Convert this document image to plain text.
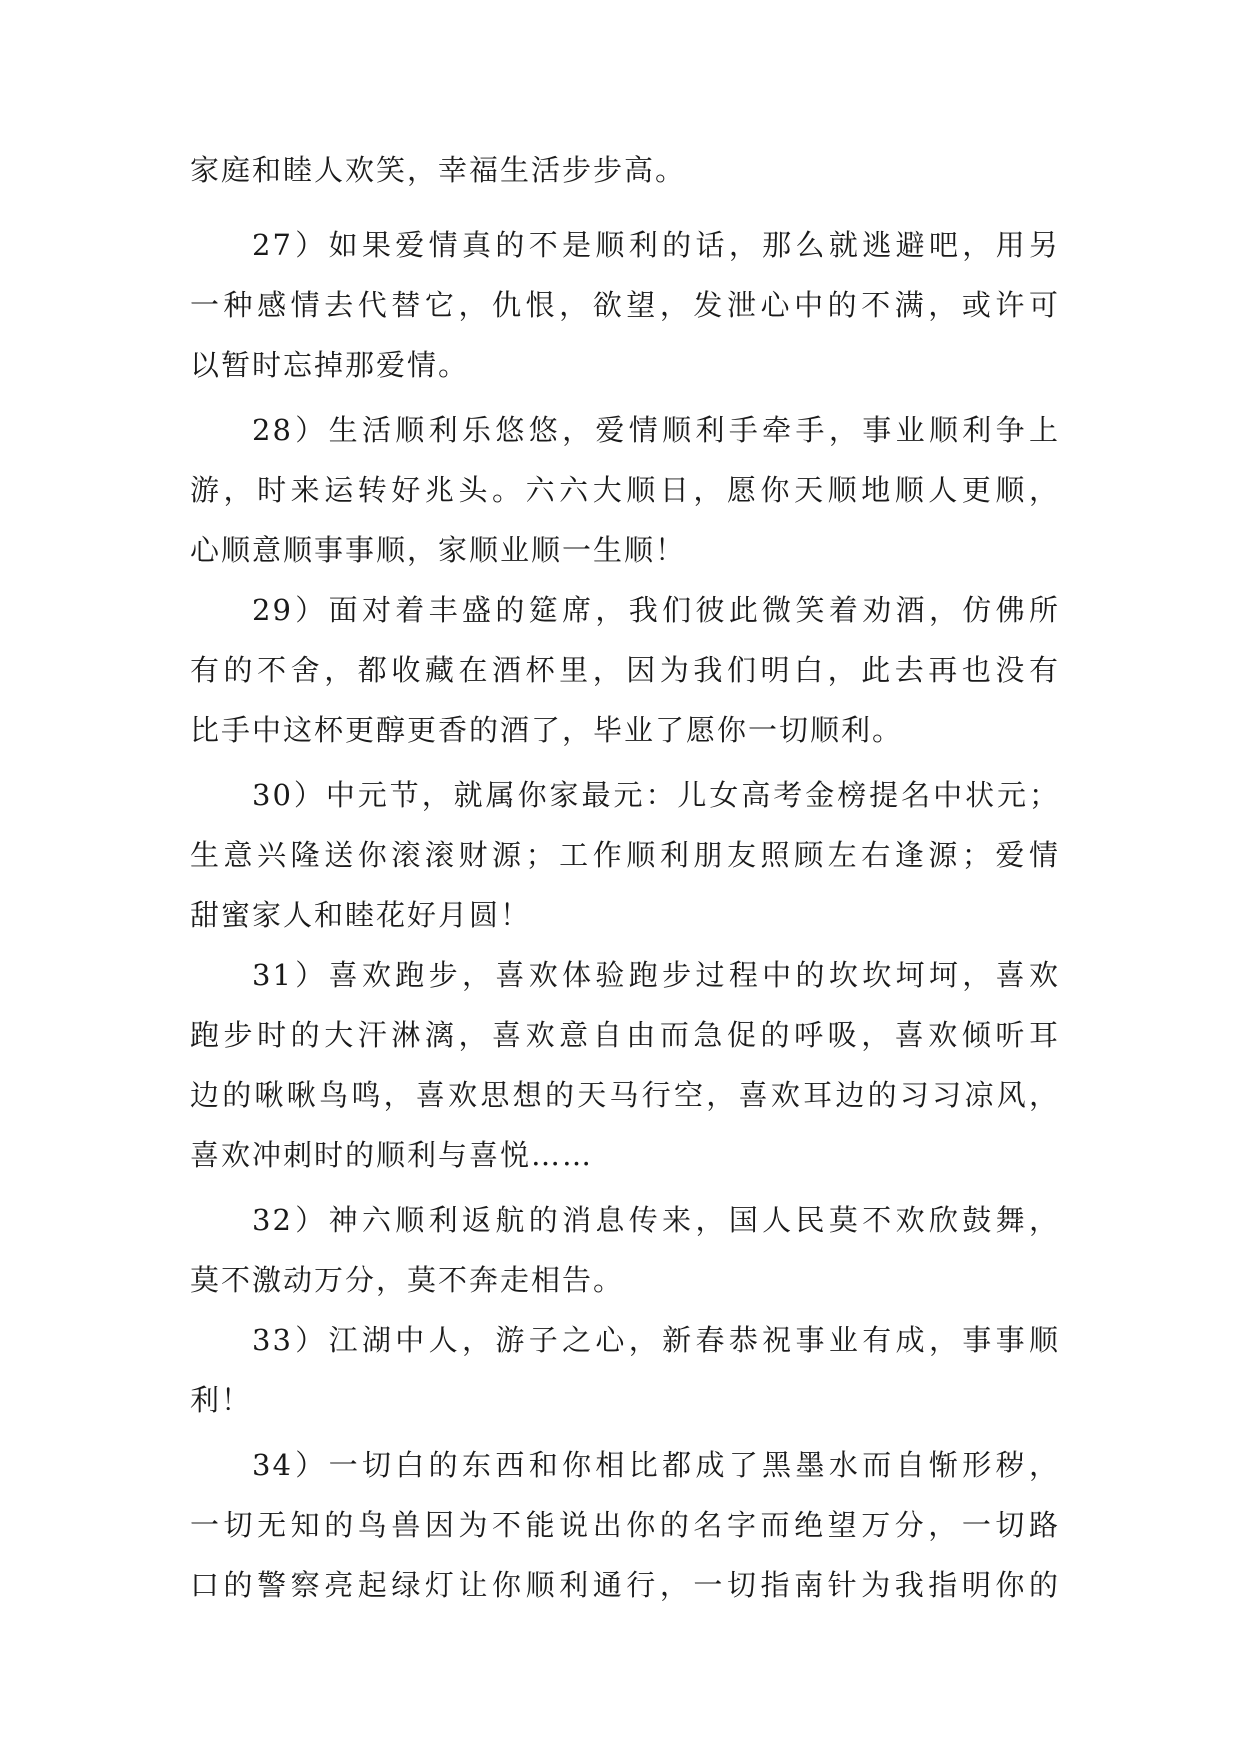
家庭和睦人欢笑，幸福生活步步高。
27）如果爱情真的不是顺利的话，那么就逃避吧，用另
一种感情去代替它，仇恨，欲望，发泄心中的不满，或许可
以暂时忘掉那爱情。
28）生活顺利乐悠悠，爱情顺利手牵手，事业顺利争上
游，时来运转好兆头。六六大顺日，愿你天顺地顺人更顺，
心顺意顺事事顺，家顺业顺一生顺！
29）面对着丰盛的筵席，我们彼此微笑着劝酒，仿佛所
有的不舍，都收藏在酒杯里，因为我们明白，此去再也没有
比手中这杯更醇更香的酒了，毕业了愿你一切顺利。
30）中元节，就属你家最元：儿女高考金榜提名中状元；
生意兴隆送你滚滚财源；工作顺利朋友照顾左右逢源；爱情
甜蜜家人和睦花好月圆！
31）喜欢跑步，喜欢体验跑步过程中的坎坎坷坷，喜欢
跑步时的大汗淋漓，喜欢意自由而急促的呼吸，喜欢倾听耳
边的啾啾鸟鸣，喜欢思想的天马行空，喜欢耳边的习习凉风，
喜欢冲刺时的顺利与喜悦……
32）神六顺利返航的消息传来，国人民莫不欢欣鼓舞，
莫不激动万分，莫不奔走相告。
33）江湖中人，游子之心，新春恭祝事业有成，事事顺
利！
34）一切白的东西和你相比都成了黑墨水而自惭形秽，
一切无知的鸟兽因为不能说出你的名字而绝望万分，一切路
口的警察亮起绿灯让你顺利通行，一切指南针为我指明你的
